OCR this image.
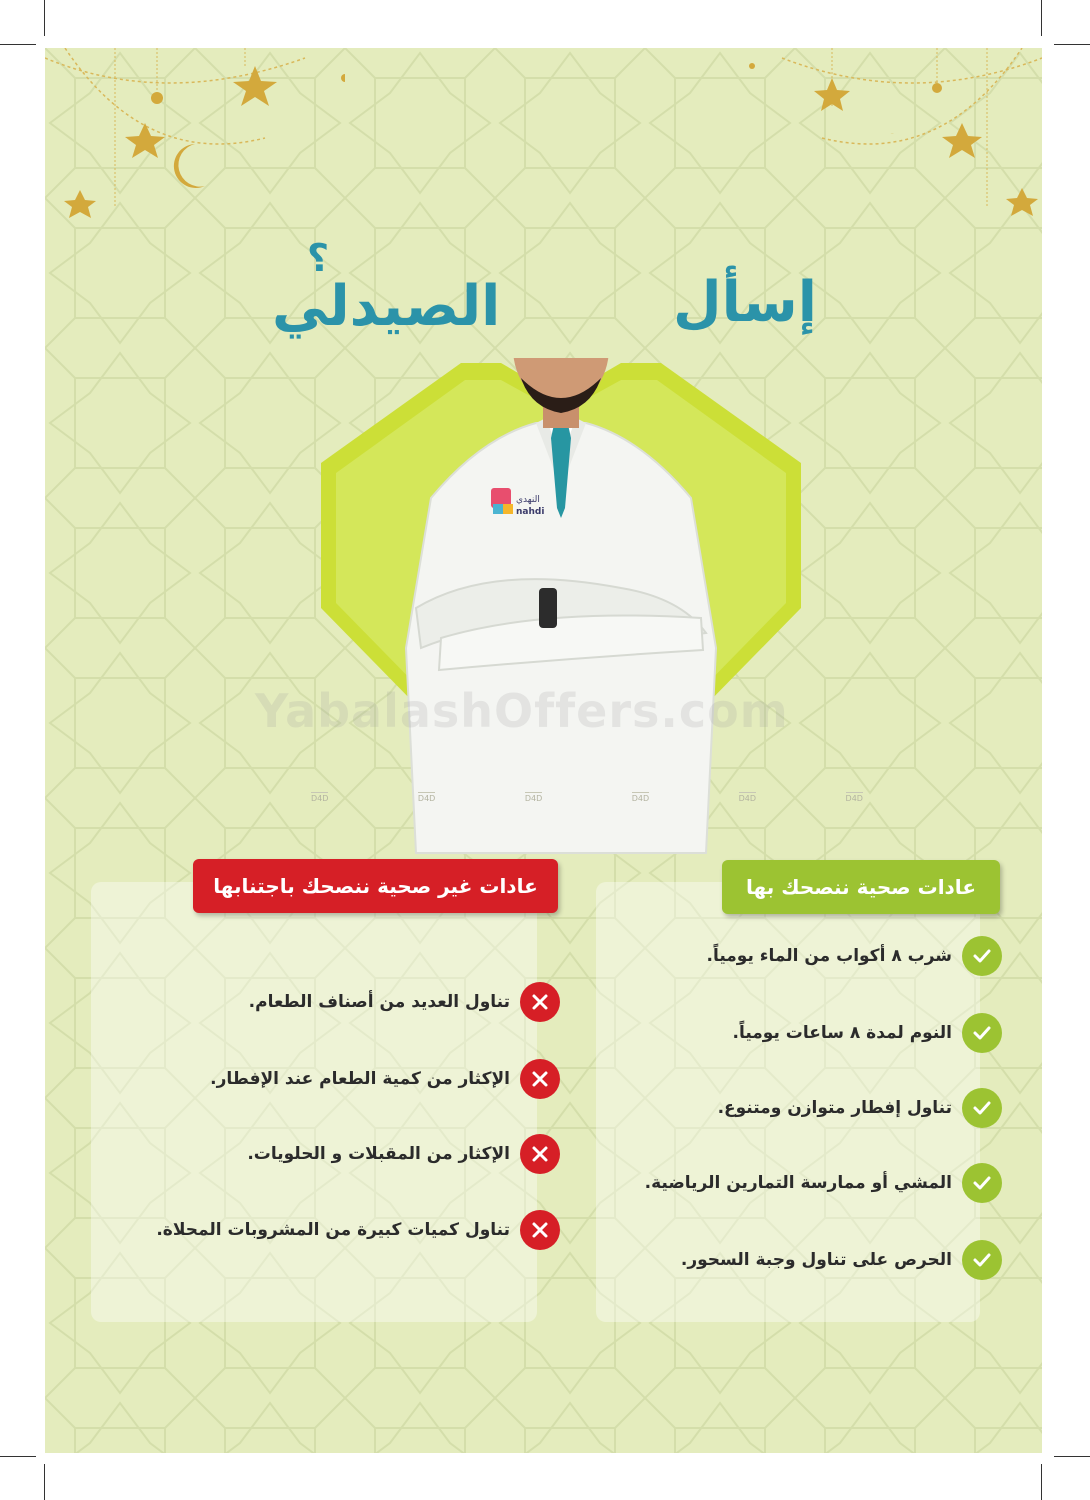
إسأل
؟
الصيدلي
النهدي
nahdi
YabalashOffers.com
D4D	D4D	D4D	D4D	D4D	D4D
عادات صحية ننصحك بها
عادات غير صحية ننصحك باجتنابها
شرب ٨ أكواب من الماء يومياً.
النوم لمدة ٨ ساعات يومياً.
تناول إفطار متوازن ومتنوع.
المشي أو ممارسة التمارين الرياضية.
الحرص على تناول وجبة السحور.
تناول العديد من أصناف الطعام.
الإكثار من كمية الطعام عند الإفطار.
الإكثار من المقبلات و الحلويات.
تناول كميات كبيرة من المشروبات المحلاة.
